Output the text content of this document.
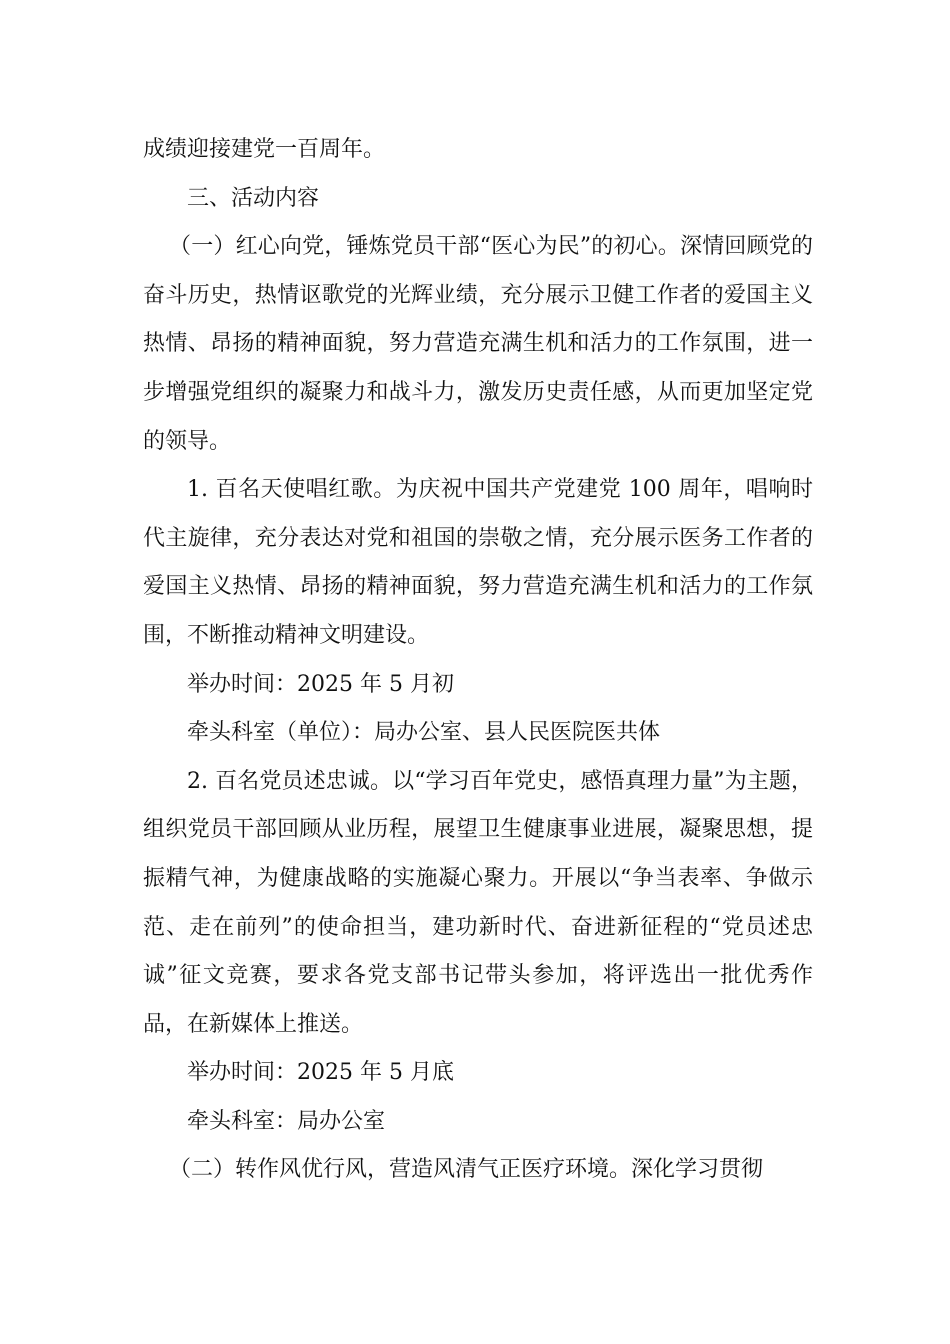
成绩迎接建党一百周年。

三、活动内容

（一）红心向党，锤炼党员干部“医心为民”的初心。深情回顾党的奋斗历史，热情讴歌党的光辉业绩，充分展示卫健工作者的爱国主义热情、昂扬的精神面貌，努力营造充满生机和活力的工作氛围，进一步增强党组织的凝聚力和战斗力，激发历史责任感，从而更加坚定党的领导。

1. 百名天使唱红歌。为庆祝中国共产党建党 100 周年，唱响时代主旋律，充分表达对党和祖国的崇敬之情，充分展示医务工作者的爱国主义热情、昂扬的精神面貌，努力营造充满生机和活力的工作氛围，不断推动精神文明建设。

举办时间：2025 年 5 月初

牵头科室（单位）：局办公室、县人民医院医共体

2. 百名党员述忠诚。以“学习百年党史，感悟真理力量”为主题，组织党员干部回顾从业历程，展望卫生健康事业进展，凝聚思想，提振精气神，为健康战略的实施凝心聚力。开展以“争当表率、争做示范、走在前列”的使命担当，建功新时代、奋进新征程的“党员述忠诚”征文竞赛，要求各党支部书记带头参加，将评选出一批优秀作品，在新媒体上推送。

举办时间：2025 年 5 月底

牵头科室：局办公室

（二）转作风优行风，营造风清气正医疗环境。深化学习贯彻
